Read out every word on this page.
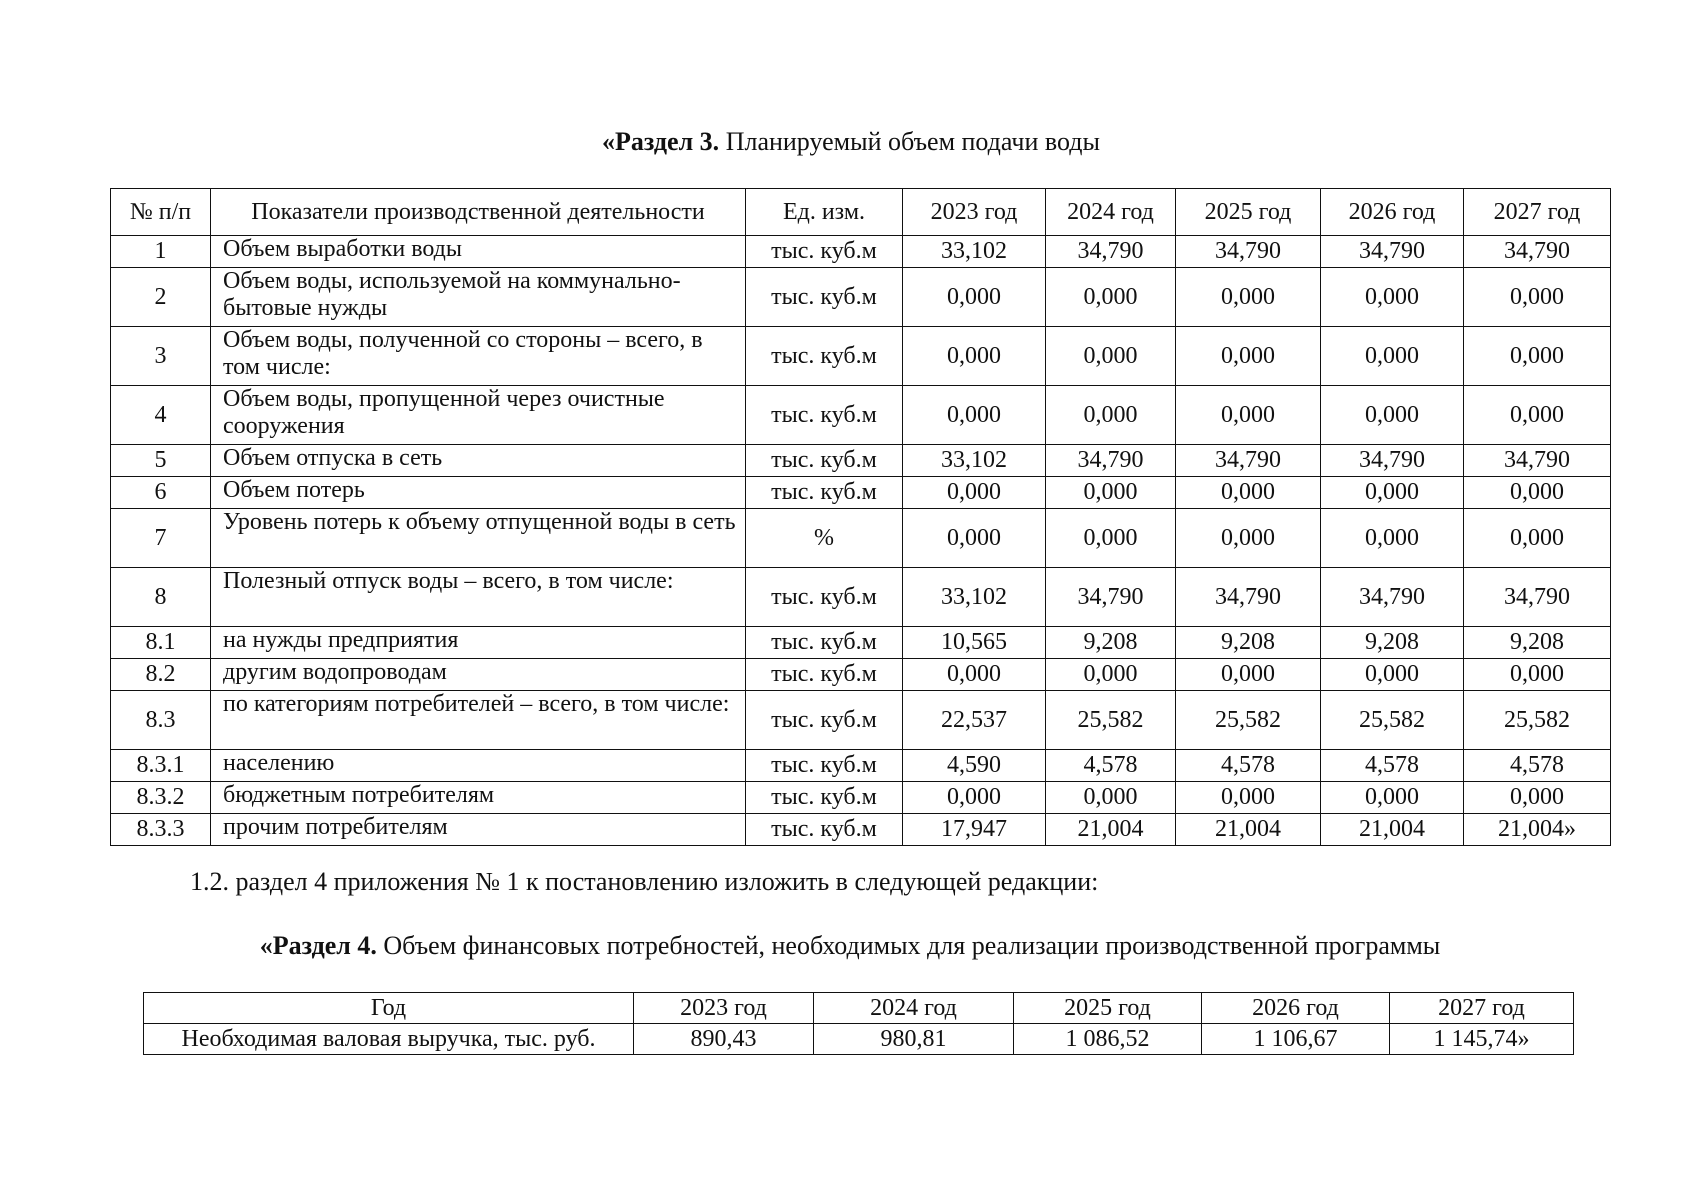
«Раздел 3. Планируемый объем подачи воды
№ п/п	Показатели производственной деятельности	Ед. изм.	2023 год	2024 год	2025 год	2026 год	2027 год
1	Объем выработки воды	тыс. куб.м	33,102	34,790	34,790	34,790	34,790
2	Объем воды, используемой на коммунально-бытовые нужды	тыс. куб.м	0,000	0,000	0,000	0,000	0,000
3	Объем воды, полученной со стороны – всего, в том числе:	тыс. куб.м	0,000	0,000	0,000	0,000	0,000
4	Объем воды, пропущенной через очистные сооружения	тыс. куб.м	0,000	0,000	0,000	0,000	0,000
5	Объем отпуска в сеть	тыс. куб.м	33,102	34,790	34,790	34,790	34,790
6	Объем потерь	тыс. куб.м	0,000	0,000	0,000	0,000	0,000
7	Уровень потерь к объему отпущенной воды в сеть	%	0,000	0,000	0,000	0,000	0,000
8	Полезный отпуск воды – всего, в том числе:	тыс. куб.м	33,102	34,790	34,790	34,790	34,790
8.1	на нужды предприятия	тыс. куб.м	10,565	9,208	9,208	9,208	9,208
8.2	другим водопроводам	тыс. куб.м	0,000	0,000	0,000	0,000	0,000
8.3	по категориям потребителей – всего, в том числе:	тыс. куб.м	22,537	25,582	25,582	25,582	25,582
8.3.1	населению	тыс. куб.м	4,590	4,578	4,578	4,578	4,578
8.3.2	бюджетным потребителям	тыс. куб.м	0,000	0,000	0,000	0,000	0,000
8.3.3	прочим потребителям	тыс. куб.м	17,947	21,004	21,004	21,004	21,004»
1.2. раздел 4 приложения № 1 к постановлению изложить в следующей редакции:
«Раздел 4. Объем финансовых потребностей, необходимых для реализации производственной программы
Год	2023 год	2024 год	2025 год	2026 год	2027 год
Необходимая валовая выручка, тыс. руб.	890,43	980,81	1 086,52	1 106,67	1 145,74»
